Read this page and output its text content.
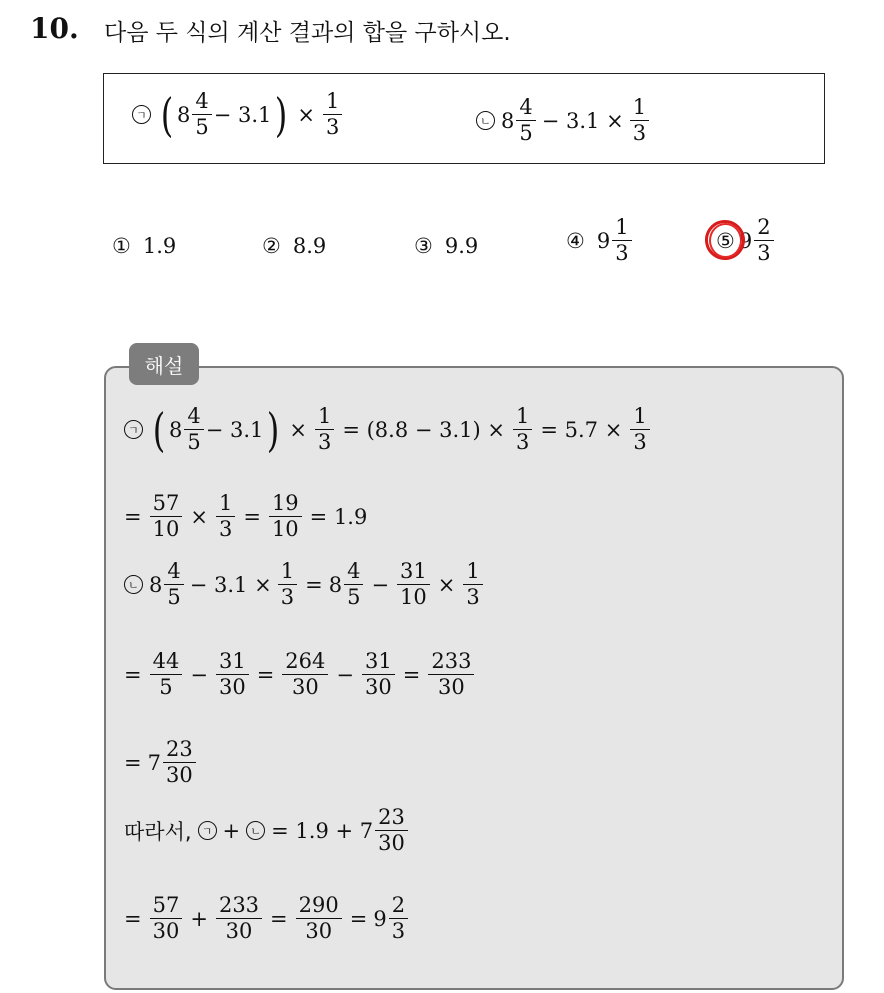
10. 다음 두 식의 계산 결과의 합을 구하시오.
ㄱ ( $8 \frac{4}{5} - 3.1$ ) × $\frac{1}{3}$	ㄴ $8 \frac{4}{5} - 3.1 \times \frac{1}{3}$
① 1.9	② 8.9	③ 9.9	④ $9 \frac{1}{3}$	⑤ $9 \frac{2}{3}$
해설
ㄱ ( $8 \frac{4}{5} - 3.1$ ) × $\frac{1}{3} = (8.8 - 3.1) \times \frac{1}{3} = 5.7 \times \frac{1}{3}$
= $\frac{57}{10} \times \frac{1}{3} = \frac{19}{10} = 1.9$
ㄴ $8 \frac{4}{5} - 3.1 \times \frac{1}{3} = 8 \frac{4}{5} - \frac{31}{10} \times \frac{1}{3}$
= $\frac{44}{5} - \frac{31}{30} = \frac{264}{30} - \frac{31}{30} = \frac{233}{30}$
= $7 \frac{23}{30}$
따라서, ㄱ + ㄴ = $1.9 + 7 \frac{23}{30}$
= $\frac{57}{30} + \frac{233}{30} = \frac{290}{30} = 9 \frac{2}{3}$
